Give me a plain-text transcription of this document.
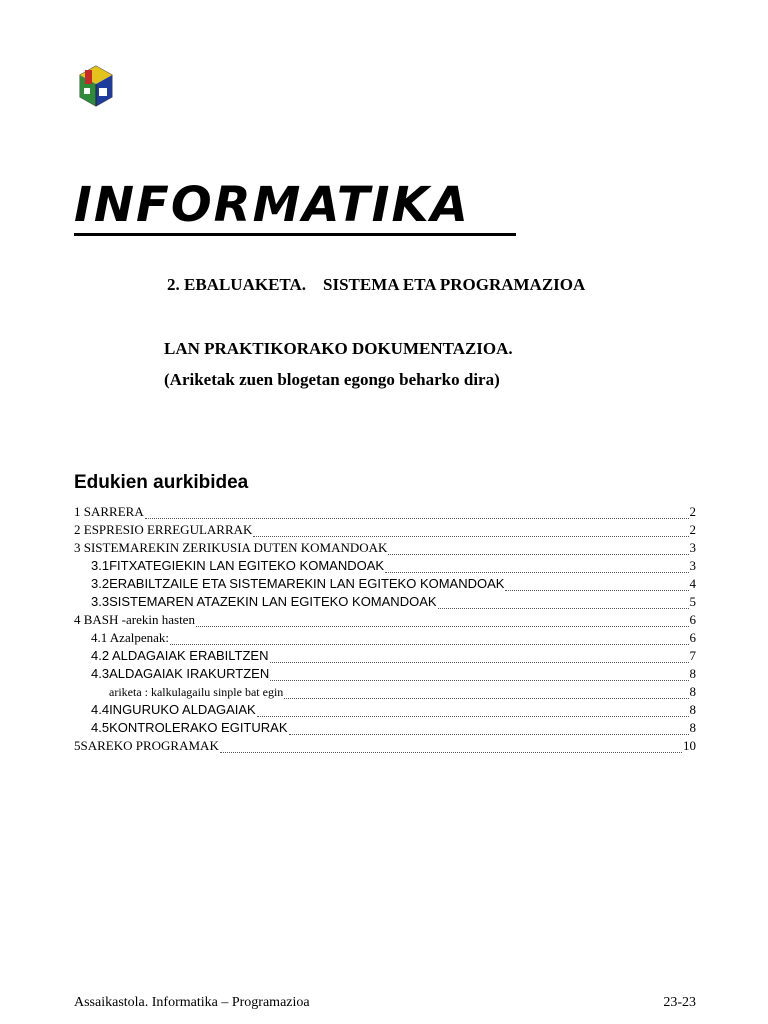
INFORMATIKA
2. EBALUAKETA.    SISTEMA ETA PROGRAMAZIOA
LAN PRAKTIKORAKO DOKUMENTAZIOA.
(Ariketak zuen blogetan egongo beharko dira)
Edukien aurkibidea
1 SARRERA	2
2 ESPRESIO ERREGULARRAK	2
3 SISTEMAREKIN ZERIKUSIA DUTEN KOMANDOAK	3
3.1FITXATEGIEKIN LAN EGITEKO KOMANDOAK	3
3.2ERABILTZAILE ETA SISTEMAREKIN LAN EGITEKO KOMANDOAK	4
3.3SISTEMAREN ATAZEKIN LAN EGITEKO KOMANDOAK	5
4 BASH -arekin hasten	6
4.1 Azalpenak:	6
4.2 ALDAGAIAK ERABILTZEN	7
4.3ALDAGAIAK IRAKURTZEN	8
ariketa : kalkulagailu sinple bat egin	8
4.4INGURUKO ALDAGAIAK	8
4.5KONTROLERAKO EGITURAK	8
5SAREKO PROGRAMAK	10
Assaikastola. Informatika – Programazioa	23-23
